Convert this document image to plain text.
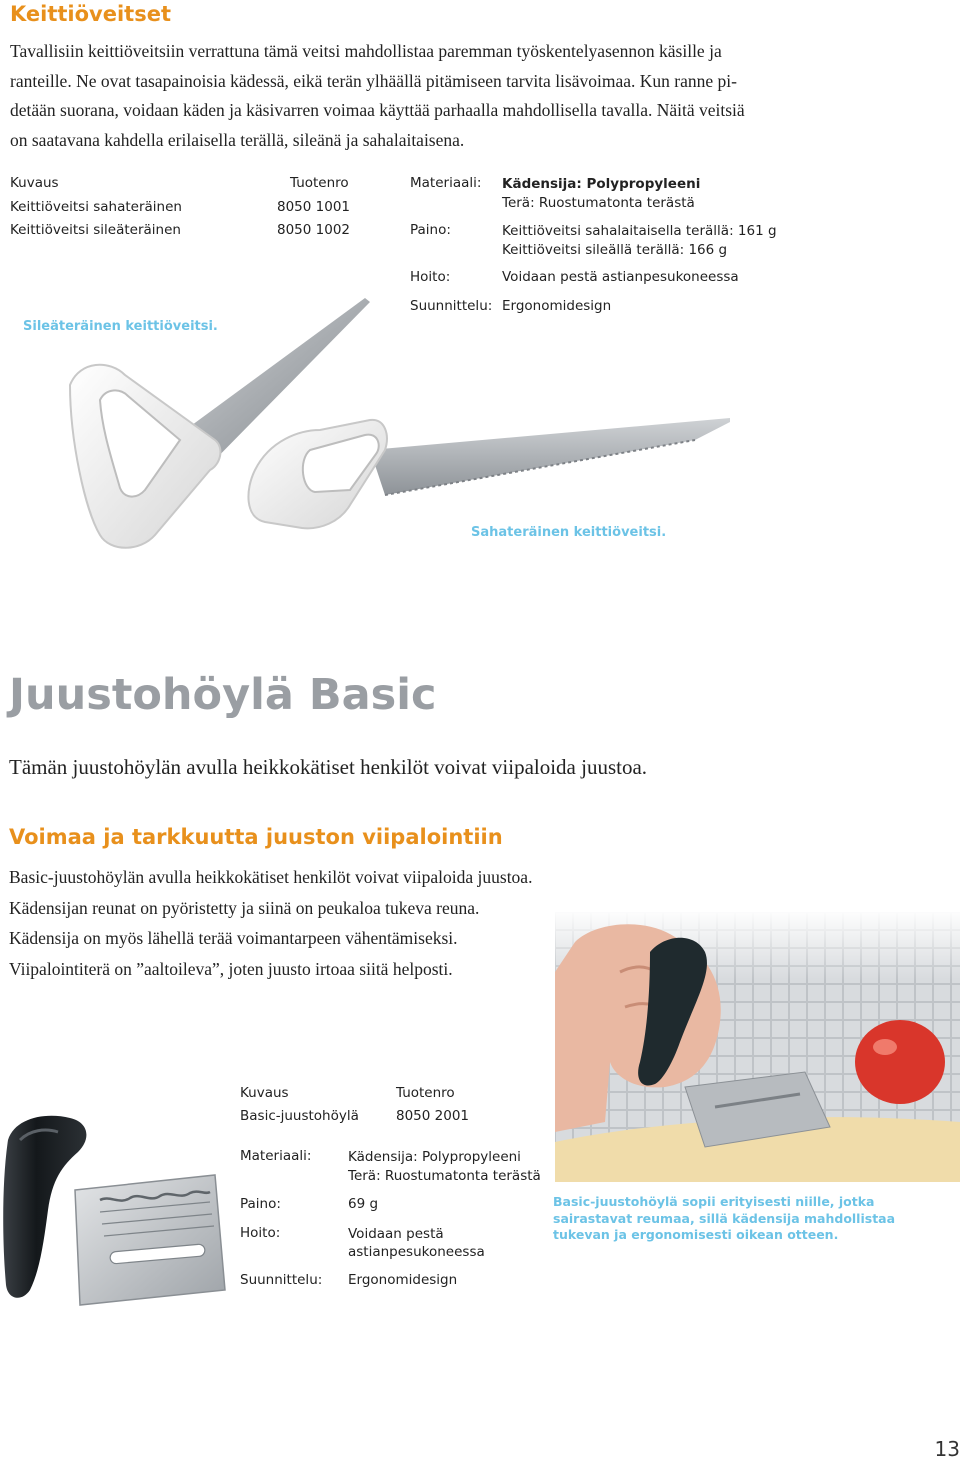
Keittiöveitset
Tavallisiin keittiöveitsiin verrattuna tämä veitsi mahdollistaa paremman työskentelyasennon käsille ja
ranteille. Ne ovat tasapainoisia kädessä, eikä terän ylhäällä pitämiseen tarvita lisävoimaa. Kun ranne pi-
detään suorana, voidaan käden ja käsivarren voimaa käyttää parhaalla mahdollisella tavalla. Näitä veitsiä
on saatavana kahdella erilaisella terällä, sileänä ja sahalaitaisena.
Kuvaus	Tuotenro
Keittiöveitsi sahateräinen	8050 1001
Keittiöveitsi sileäteräinen	8050 1002
Materiaali: Kädensija: Polypropyleeni
Terä: Ruostumatonta terästä
Paino:	Keittiöveitsi sahalaitaisella terällä: 161 g
Keittiöveitsi sileällä terällä: 166 g
Hoito:	Voidaan pestä astianpesukoneessa
Suunnittelu: Ergonomidesign
Sileäteräinen keittiöveitsi.
Sahateräinen keittiöveitsi.
Juustohöylä Basic
Tämän juustohöylän avulla heikkokätiset henkilöt voivat viipaloida juustoa.
Voimaa ja tarkkuutta juuston viipalointiin
Basic-juustohöylän avulla heikkokätiset henkilöt voivat viipaloida juustoa.
Kädensijan reunat on pyöristetty ja siinä on peukaloa tukeva reuna.
Kädensija on myös lähellä terää voimantarpeen vähentämiseksi.
Viipalointiterä on ”aaltoileva”, joten juusto irtoaa siitä helposti.
Kuvaus	Tuotenro
Basic-juustohöylä	8050 2001
Materiaali:	Kädensija: Polypropyleeni
Terä: Ruostumatonta terästä
Paino:	69 g
Hoito:	Voidaan pestä
astianpesukoneessa
Suunnittelu: Ergonomidesign
Basic-juustohöylä sopii erityisesti niille, jotka
sairastavat reumaa, sillä kädensija mahdollistaa
tukevan ja ergonomisesti oikean otteen.
13
